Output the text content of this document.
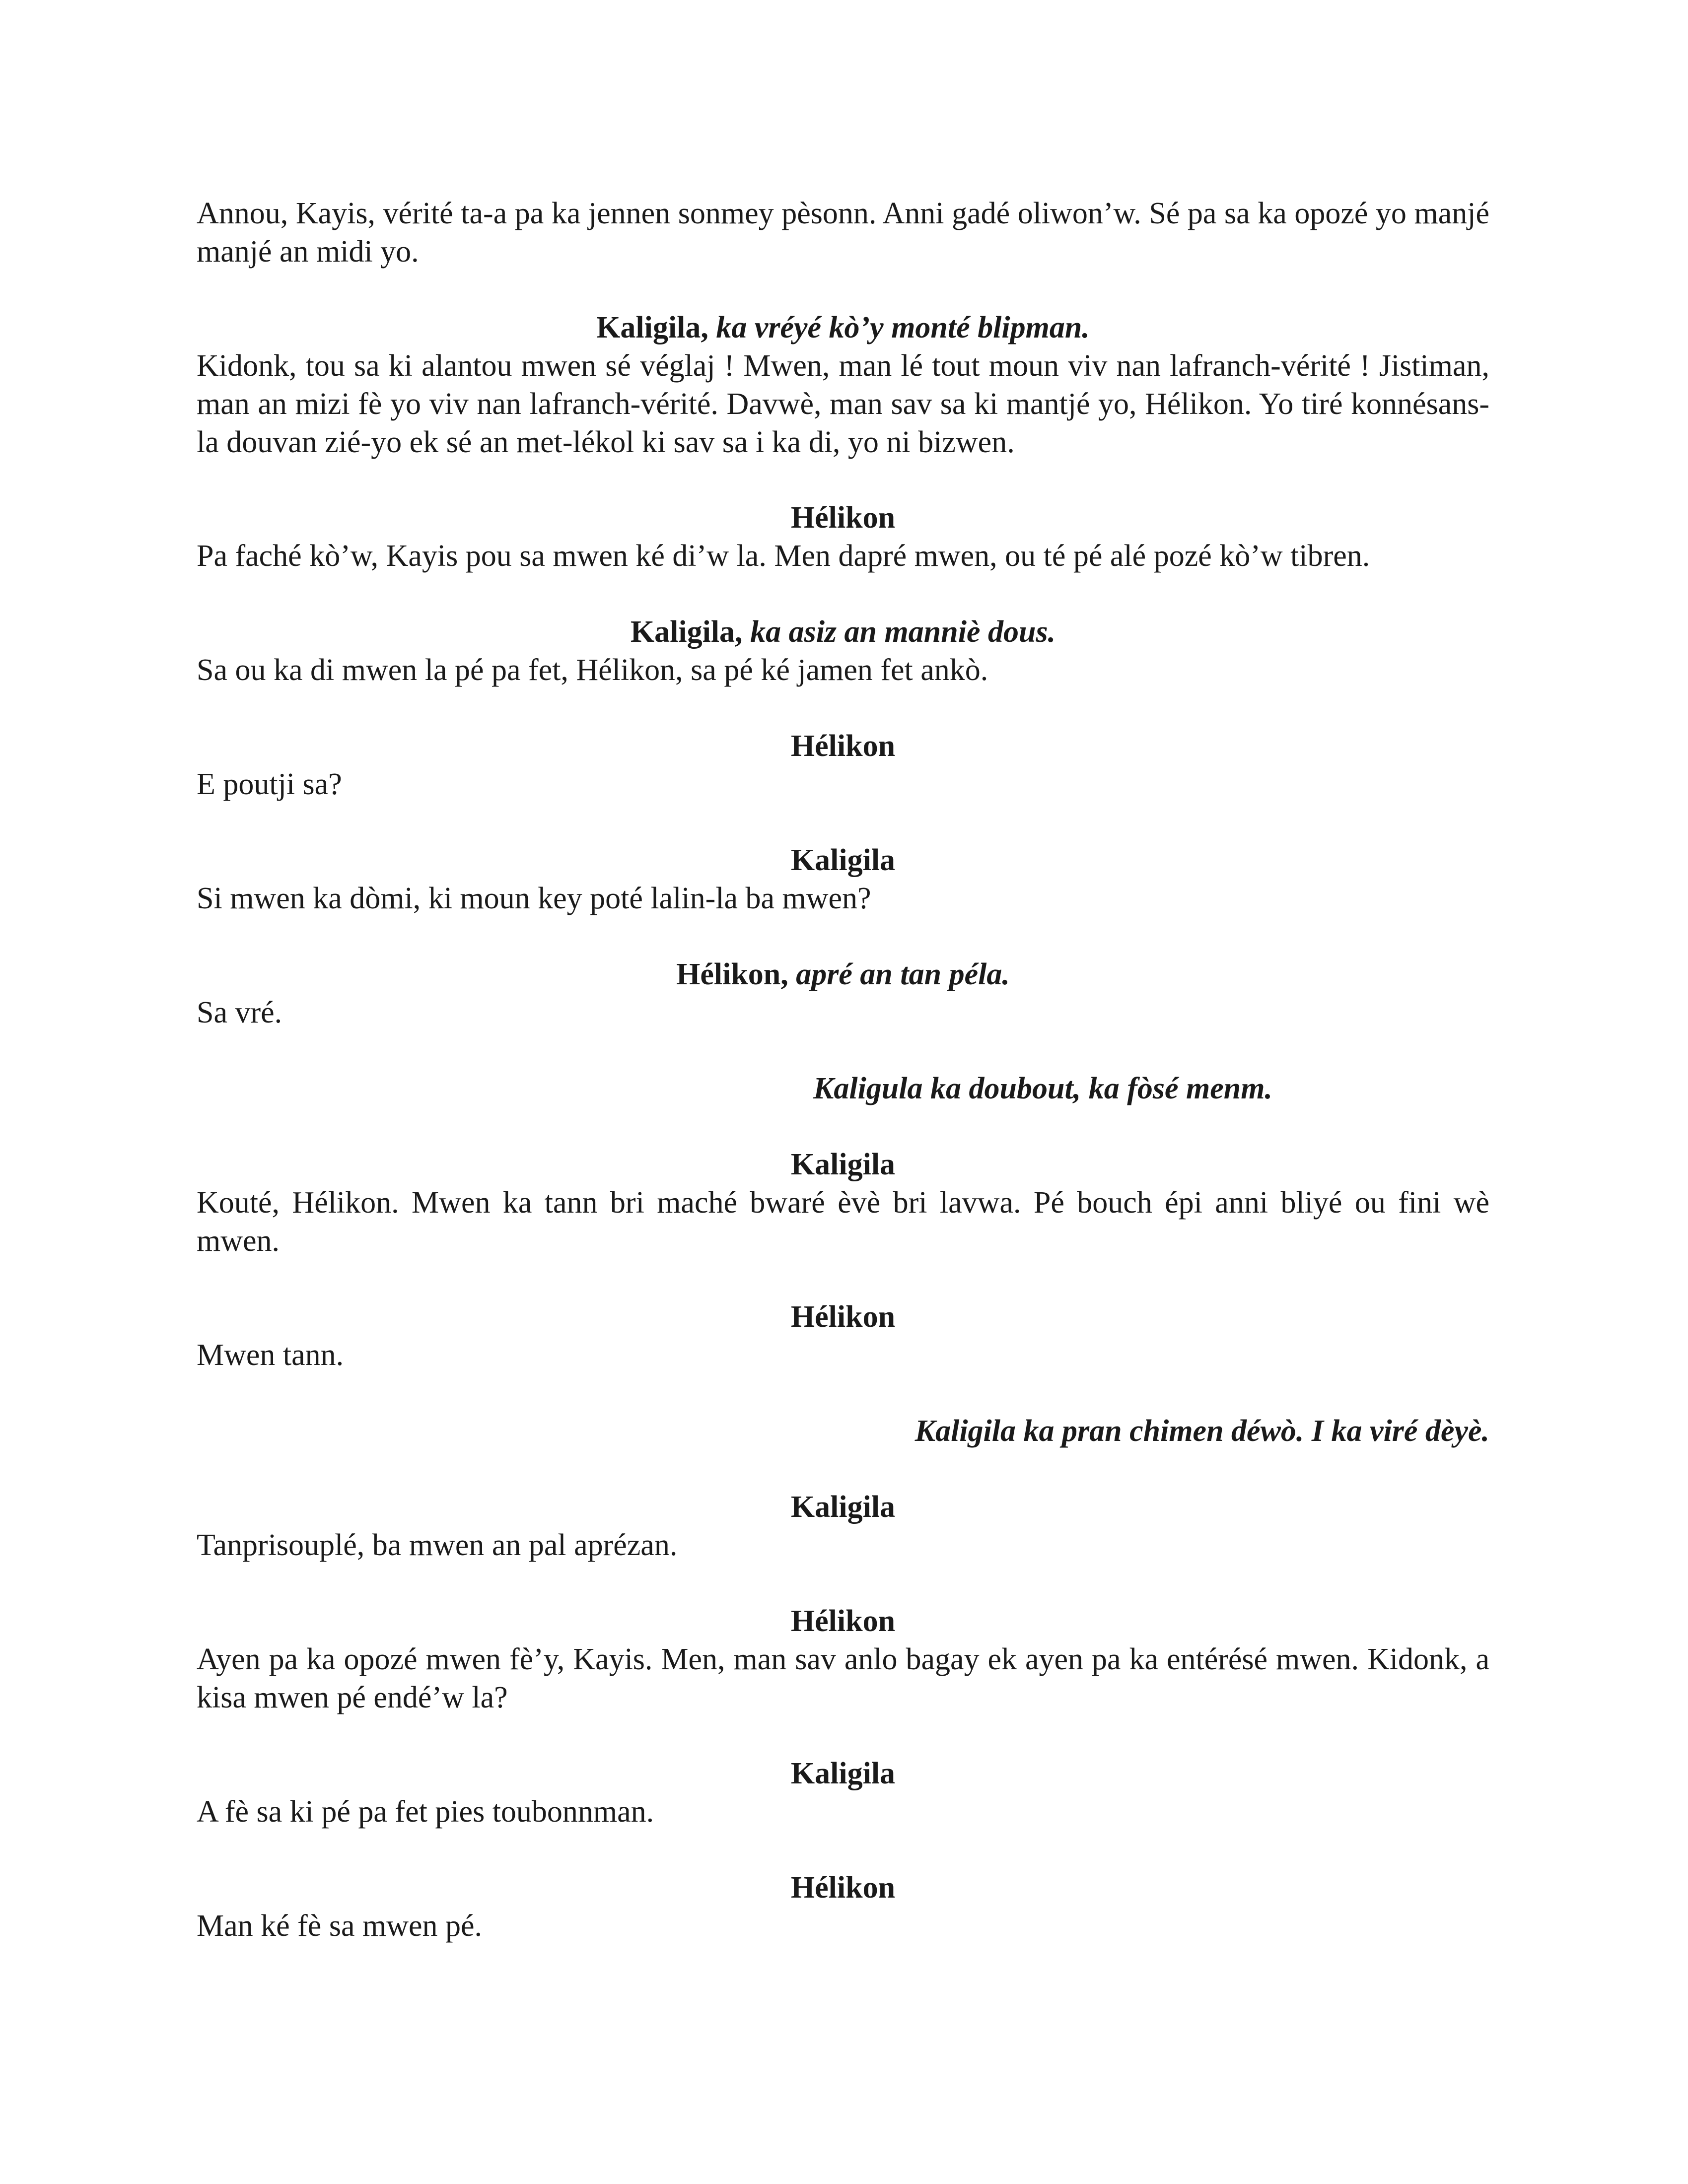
Annou, Kayis, vérité ta-a pa ka jennen sonmey pèsonn. Anni gadé oliwon’w. Sé pa sa ka opozé yo manjé manjé an midi yo.

Kaligila, ka vréyé kò’y monté blipman.

Kidonk, tou sa ki alantou mwen sé véglaj ! Mwen, man lé tout moun viv nan lafranch-vérité ! Jistiman, man an mizi fè yo viv nan lafranch-vérité. Davwè, man sav sa ki mantjé yo, Hélikon. Yo tiré konnésans-la douvan zié-yo ek sé an met-lékol ki sav sa i ka di, yo ni bizwen.

Hélikon

Pa faché kò’w, Kayis pou sa mwen ké di’w la. Men dapré mwen, ou té pé alé pozé kò’w tibren.

Kaligila, ka asiz an manniè dous.

Sa ou ka di mwen la pé pa fet, Hélikon, sa pé ké jamen fet ankò.

Hélikon

E poutji sa?

Kaligila

Si mwen ka dòmi, ki moun key poté lalin-la ba mwen?

Hélikon, apré an tan péla.

Sa vré.

Kaligula ka doubout, ka fòsé menm.

Kaligila

Kouté, Hélikon. Mwen ka tann bri maché bwaré èvè bri lavwa. Pé bouch épi anni bliyé ou fini wè mwen.

Hélikon

Mwen tann.

Kaligila ka pran chimen déwò. I ka viré dèyè.

Kaligila

Tanprisouplé, ba mwen an pal aprézan.

Hélikon

Ayen pa ka opozé mwen fè’y, Kayis. Men, man sav anlo bagay ek ayen pa ka entérésé mwen. Kidonk, a kisa mwen pé endé’w la?

Kaligila

A fè sa ki pé pa fet pies toubonnman.

Hélikon

Man ké fè sa mwen pé.
